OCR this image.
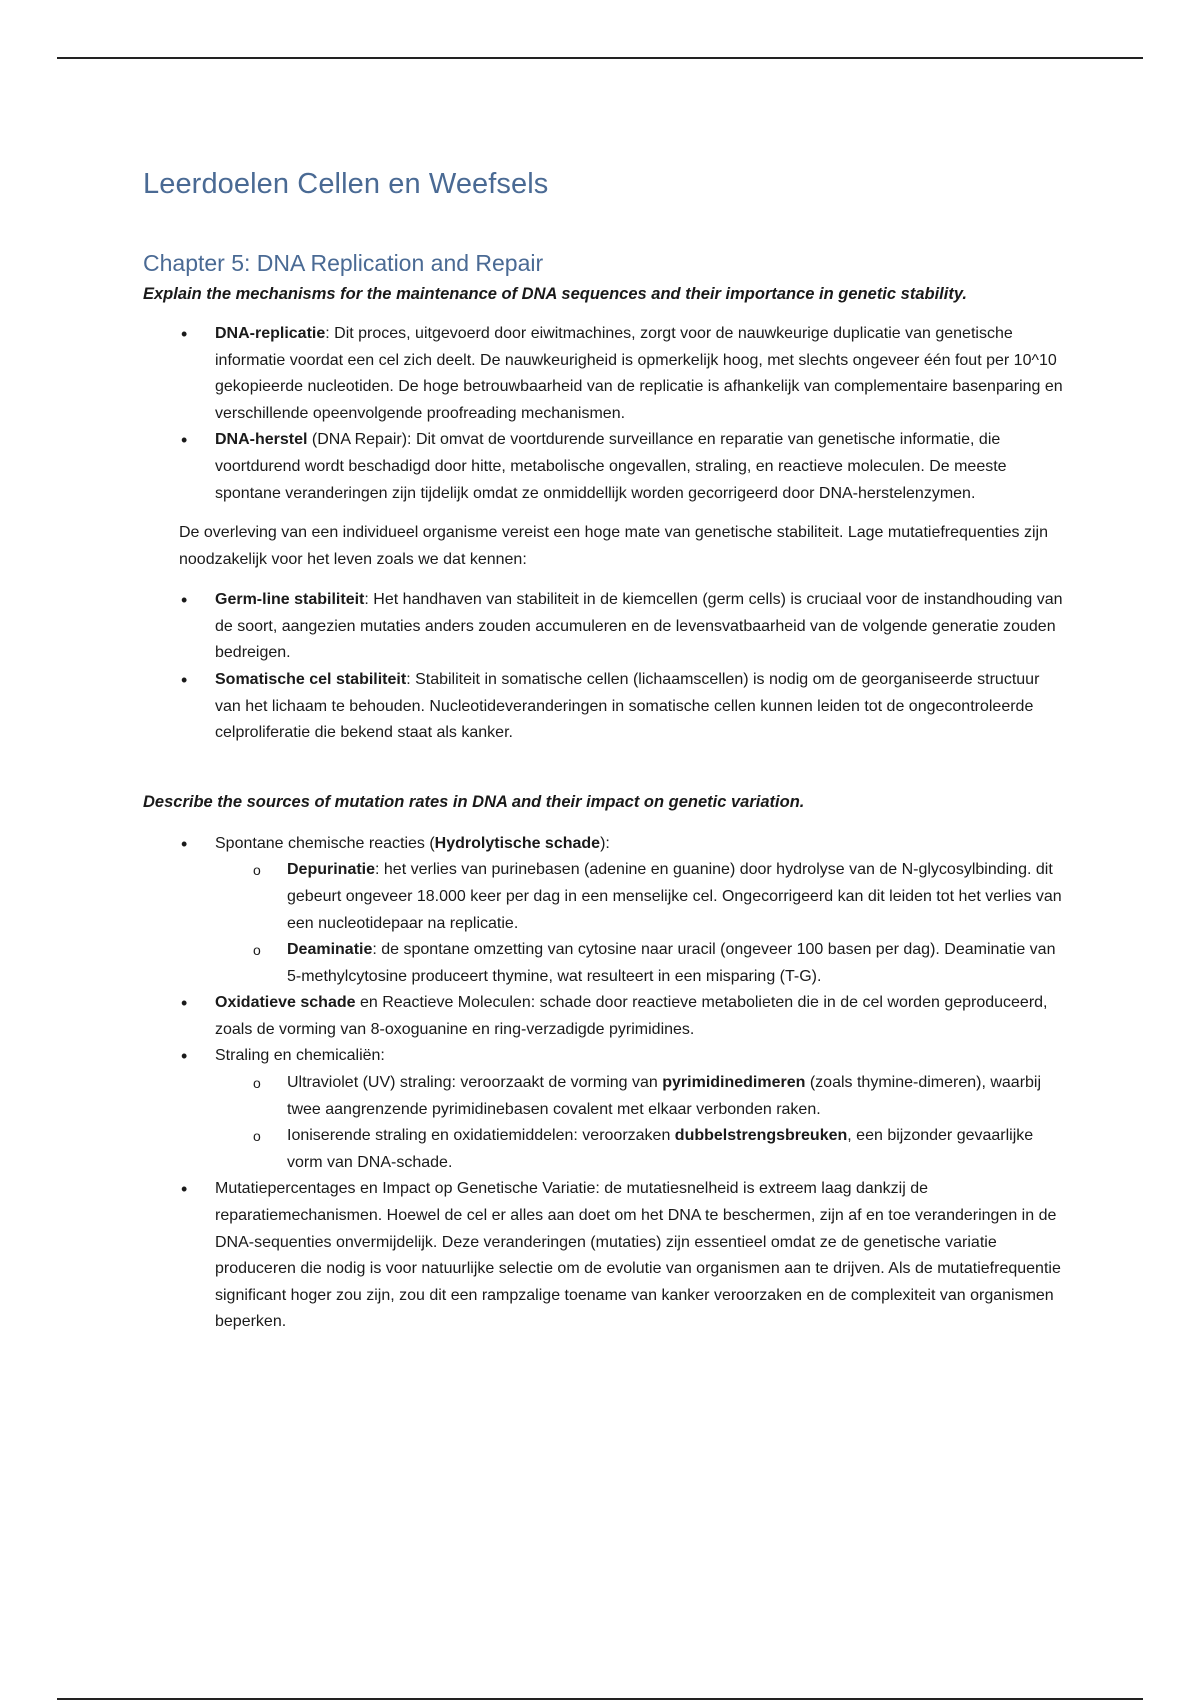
Leerdoelen Cellen en Weefsels
Chapter 5: DNA Replication and Repair

Explain the mechanisms for the maintenance of DNA sequences and their importance in genetic stability.

• DNA-replicatie: Dit proces, uitgevoerd door eiwitmachines, zorgt voor de nauwkeurige duplicatie van genetische informatie voordat een cel zich deelt. De nauwkeurigheid is opmerkelijk hoog, met slechts ongeveer één fout per 10^10 gekopieerde nucleotiden. De hoge betrouwbaarheid van de replicatie is afhankelijk van complementaire basenparing en verschillende opeenvolgende proofreading mechanismen.
• DNA-herstel (DNA Repair): Dit omvat de voortdurende surveillance en reparatie van genetische informatie, die voortdurend wordt beschadigd door hitte, metabolische ongevallen, straling, en reactieve moleculen. De meeste spontane veranderingen zijn tijdelijk omdat ze onmiddellijk worden gecorrigeerd door DNA-herstelenzymen.

De overleving van een individueel organisme vereist een hoge mate van genetische stabiliteit. Lage mutatiefrequenties zijn noodzakelijk voor het leven zoals we dat kennen:

• Germ-line stabiliteit: Het handhaven van stabiliteit in de kiemcellen (germ cells) is cruciaal voor de instandhouding van de soort, aangezien mutaties anders zouden accumuleren en de levensvatbaarheid van de volgende generatie zouden bedreigen.
• Somatische cel stabiliteit: Stabiliteit in somatische cellen (lichaamscellen) is nodig om de georganiseerde structuur van het lichaam te behouden. Nucleotideveranderingen in somatische cellen kunnen leiden tot de ongecontroleerde celproliferatie die bekend staat als kanker.

Describe the sources of mutation rates in DNA and their impact on genetic variation.

• Spontane chemische reacties (Hydrolytische schade):
o Depurinatie: het verlies van purinebasen (adenine en guanine) door hydrolyse van de N-glycosylbinding. dit gebeurt ongeveer 18.000 keer per dag in een menselijke cel. Ongecorrigeerd kan dit leiden tot het verlies van een nucleotidepaar na replicatie.
o Deaminatie: de spontane omzetting van cytosine naar uracil (ongeveer 100 basen per dag). Deaminatie van 5-methylcytosine produceert thymine, wat resulteert in een misparing (T-G).
• Oxidatieve schade en Reactieve Moleculen: schade door reactieve metabolieten die in de cel worden geproduceerd, zoals de vorming van 8-oxoguanine en ring-verzadigde pyrimidines.
• Straling en chemicaliën:
o Ultraviolet (UV) straling: veroorzaakt de vorming van pyrimidinedimeren (zoals thymine-dimeren), waarbij twee aangrenzende pyrimidinebasen covalent met elkaar verbonden raken.
o Ioniserende straling en oxidatiemiddelen: veroorzaken dubbelstrengsbreuken, een bijzonder gevaarlijke vorm van DNA-schade.
• Mutatiepercentages en Impact op Genetische Variatie: de mutatiesnelheid is extreem laag dankzij de reparatiemechanismen. Hoewel de cel er alles aan doet om het DNA te beschermen, zijn af en toe veranderingen in de DNA-sequenties onvermijdelijk. Deze veranderingen (mutaties) zijn essentieel omdat ze de genetische variatie produceren die nodig is voor natuurlijke selectie om de evolutie van organismen aan te drijven. Als de mutatiefrequentie significant hoger zou zijn, zou dit een rampzalige toename van kanker veroorzaken en de complexiteit van organismen beperken.
